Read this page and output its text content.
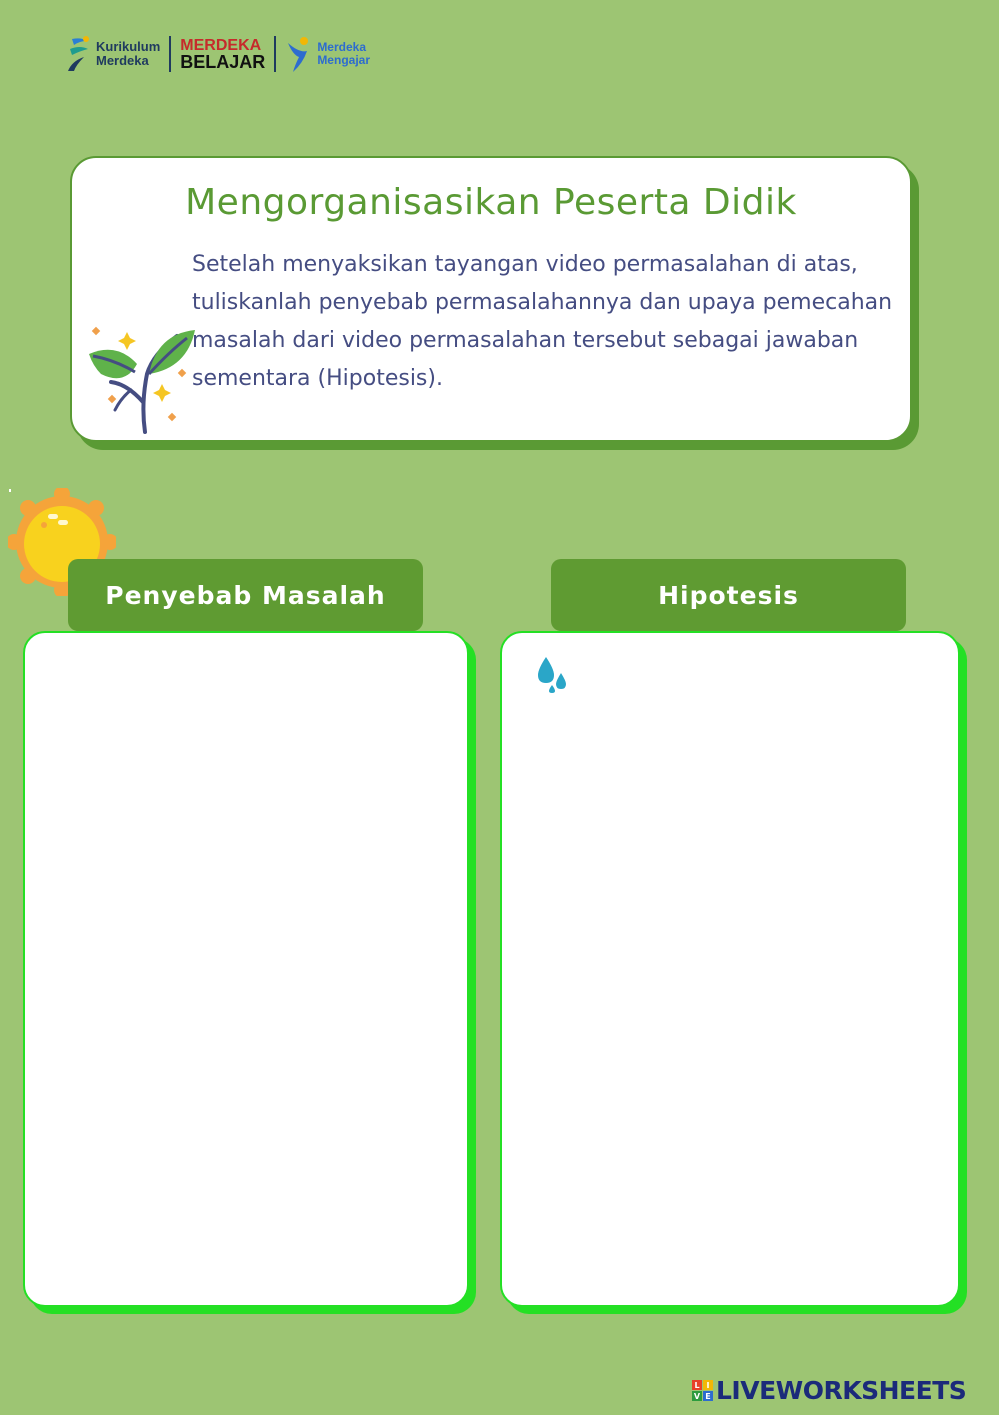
Kurikulum
Merdeka
MERDEKA
BELAJAR
Merdeka
Mengajar
Mengorganisasikan Peserta Didik
Setelah menyaksikan tayangan video permasalahan di atas, tuliskanlah penyebab permasalahannya dan upaya pemecahan masalah dari video permasalahan tersebut sebagai jawaban sementara (Hipotesis).
Penyebab Masalah	Hipotesis
L I
V E LIVEWORKSHEETS
